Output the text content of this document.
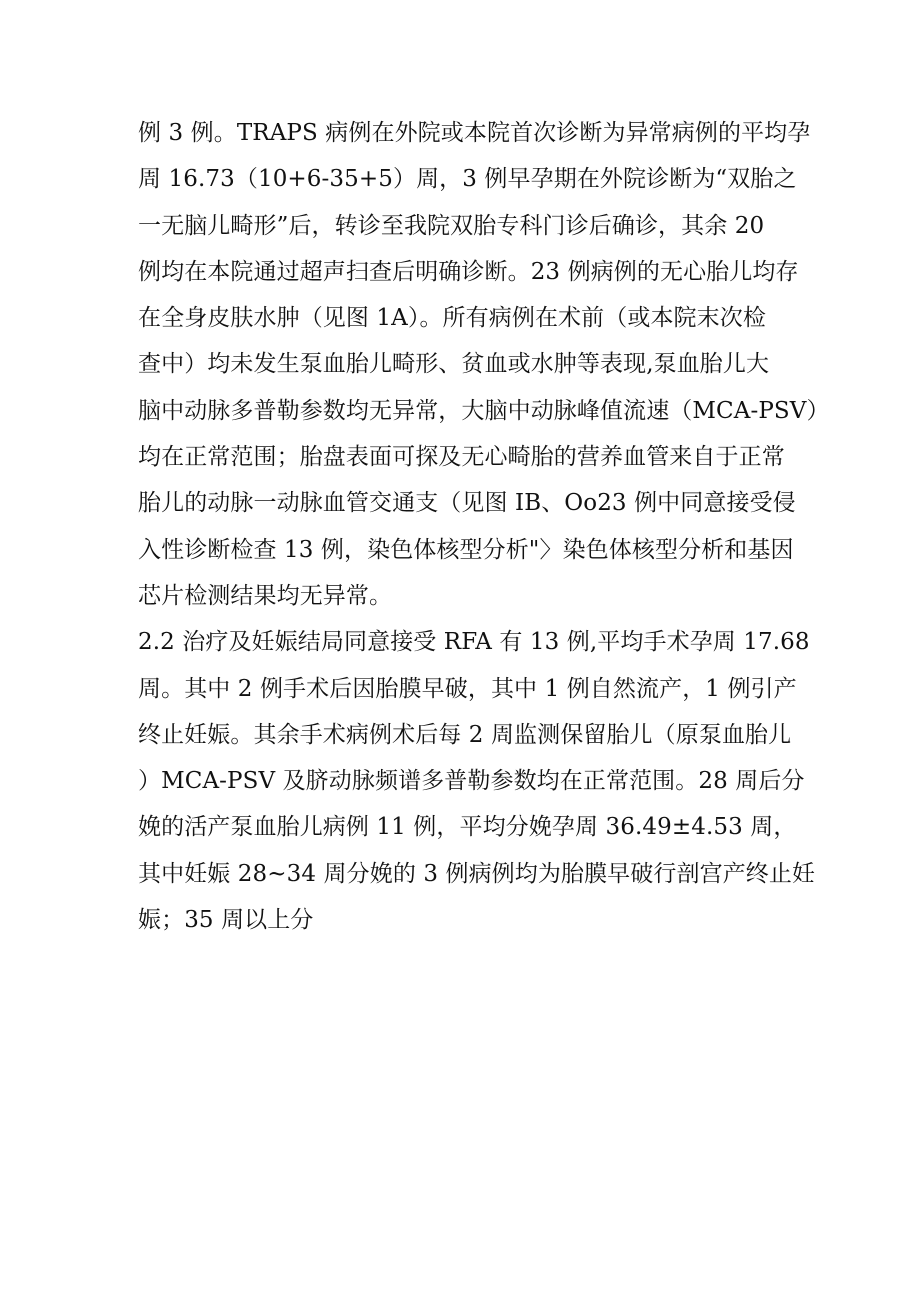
例 3 例。TRAPS 病例在外院或本院首次诊断为异常病例的平均孕
周 16.73（10+6-35+5）周，3 例早孕期在外院诊断为“双胎之
一无脑儿畸形”后，转诊至我院双胎专科门诊后确诊，其余 20
例均在本院通过超声扫查后明确诊断。23 例病例的无心胎儿均存
在全身皮肤水肿（见图 1A）。所有病例在术前（或本院末次检
查中）均未发生泵血胎儿畸形、贫血或水肿等表现,泵血胎儿大
脑中动脉多普勒参数均无异常，大脑中动脉峰值流速（MCA-PSV）
均在正常范围；胎盘表面可探及无心畸胎的营养血管来自于正常
胎儿的动脉一动脉血管交通支（见图 IB、Oo23 例中同意接受侵
入性诊断检查 13 例，染色体核型分析"〉染色体核型分析和基因
芯片检测结果均无异常。
2.2 治疗及妊娠结局同意接受 RFA 有 13 例,平均手术孕周 17.68
周。其中 2 例手术后因胎膜早破，其中 1 例自然流产，1 例引产
终止妊娠。其余手术病例术后每 2 周监测保留胎儿（原泵血胎儿
）MCA-PSV 及脐动脉频谱多普勒参数均在正常范围。28 周后分
娩的活产泵血胎儿病例 11 例，平均分娩孕周 36.49±4.53 周，
其中妊娠 28~34 周分娩的 3 例病例均为胎膜早破行剖宫产终止妊
娠；35 周以上分
